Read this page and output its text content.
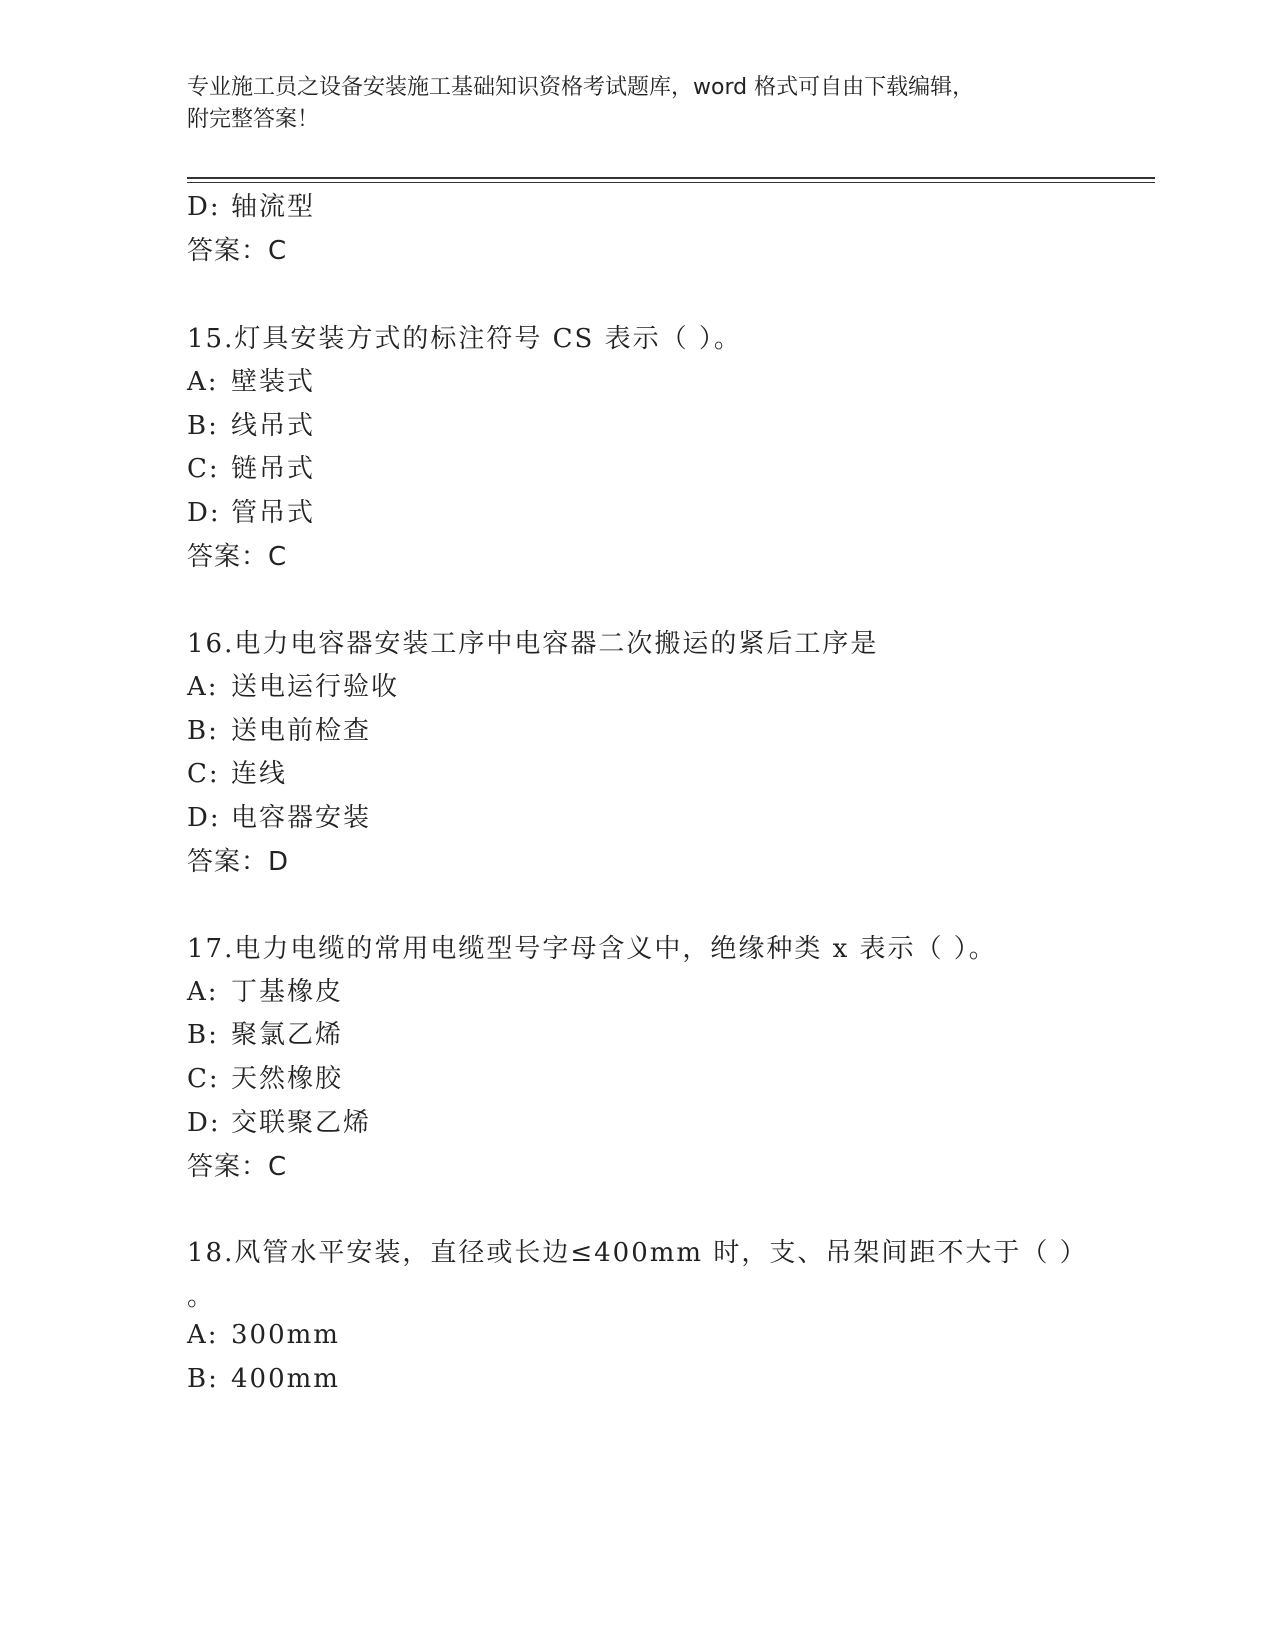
专业施工员之设备安装施工基础知识资格考试题库，word 格式可自由下载编辑，
附完整答案！
D: 轴流型
答案：C
15.灯具安装方式的标注符号 CS 表示（ ）。
A: 壁装式
B: 线吊式
C: 链吊式
D: 管吊式
答案：C
16.电力电容器安装工序中电容器二次搬运的紧后工序是
A: 送电运行验收
B: 送电前检查
C: 连线
D: 电容器安装
答案：D
17.电力电缆的常用电缆型号字母含义中，绝缘种类 x 表示（ ）。
A: 丁基橡皮
B: 聚氯乙烯
C: 天然橡胶
D: 交联聚乙烯
答案：C
18.风管水平安装，直径或长边≤400mm 时，支、吊架间距不大于（ ）
。
A: 300mm
B: 400mm
